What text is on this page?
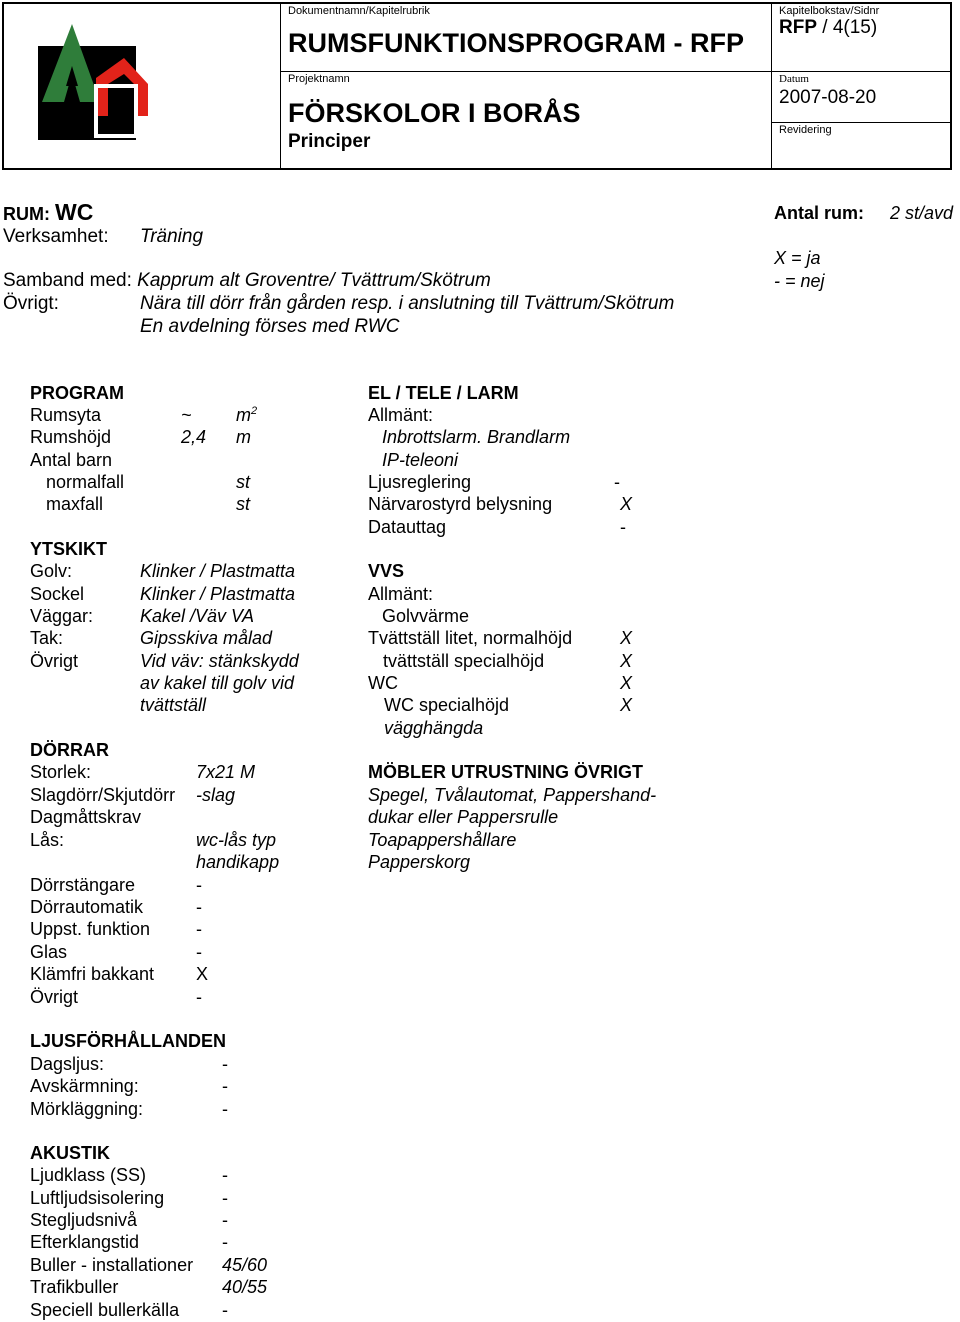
Dokumentnamn/Kapitelrubrik
RUMSFUNKTIONSPROGRAM - RFP
Projektnamn
FÖRSKOLOR I BORÅS
Principer
Kapitelbokstav/Sidnr
RFP / 4(15)
Datum
2007-08-20
Revidering
RUM: WC
Verksamhet: Träning
Samband med: Kapprum alt Groventre/ Tvättrum/Skötrum
Övrigt:	Nära till dörr från gården resp. i anslutning till Tvättrum/Skötrum
En avdelning förses med RWC
Antal rum: 2 st/avd
X = ja
- = nej
PROGRAM
Rumsyta	~ $m^2$
Rumshöjd	2,4 m
Antal barn
normalfall	st
maxfall	st
YTSKIKT
Golv:	Klinker / Plastmatta
Sockel	Klinker / Plastmatta
Väggar:	Kakel /Väv VA
Tak:	Gipsskiva målad
Övrigt	Vid väv: stänkskydd
av kakel till golv vid
tvättställ
DÖRRAR
Storlek:	7x21 M
Slagdörr/Skjutdörr -slag
Dagmåttskrav
Lås:	wc-lås typ
handikapp
Dörrstängare	-
Dörrautomatik	-
Uppst. funktion	-
Glas	-
Klämfri bakkant X
Övrigt	-
LJUSFÖRHÅLLANDEN
Dagsljus:	-
Avskärmning:	-
Mörkläggning:	-
AKUSTIK
Ljudklass (SS)	-
Luftljudsisolering	-
Stegljudsnivå	-
Efterklangstid	-
Buller - installationer 45/60
Trafikbuller	40/55
Speciell bullerkälla -
EL / TELE / LARM
Allmänt:
Inbrottslarm. Brandlarm
IP-teleoni
Ljusreglering	-
Närvarostyrd belysning	X
Datauttag	-
VVS
Allmänt:
Golvvärme
Tvättställ litet, normalhöjd	X
tvättställ specialhöjd	X
WC	X
WC specialhöjd	X
vägghängda
MÖBLER UTRUSTNING ÖVRIGT
Spegel, Tvålautomat, Pappershand-
dukar eller Pappersrulle
Toapappershållare
Papperskorg
